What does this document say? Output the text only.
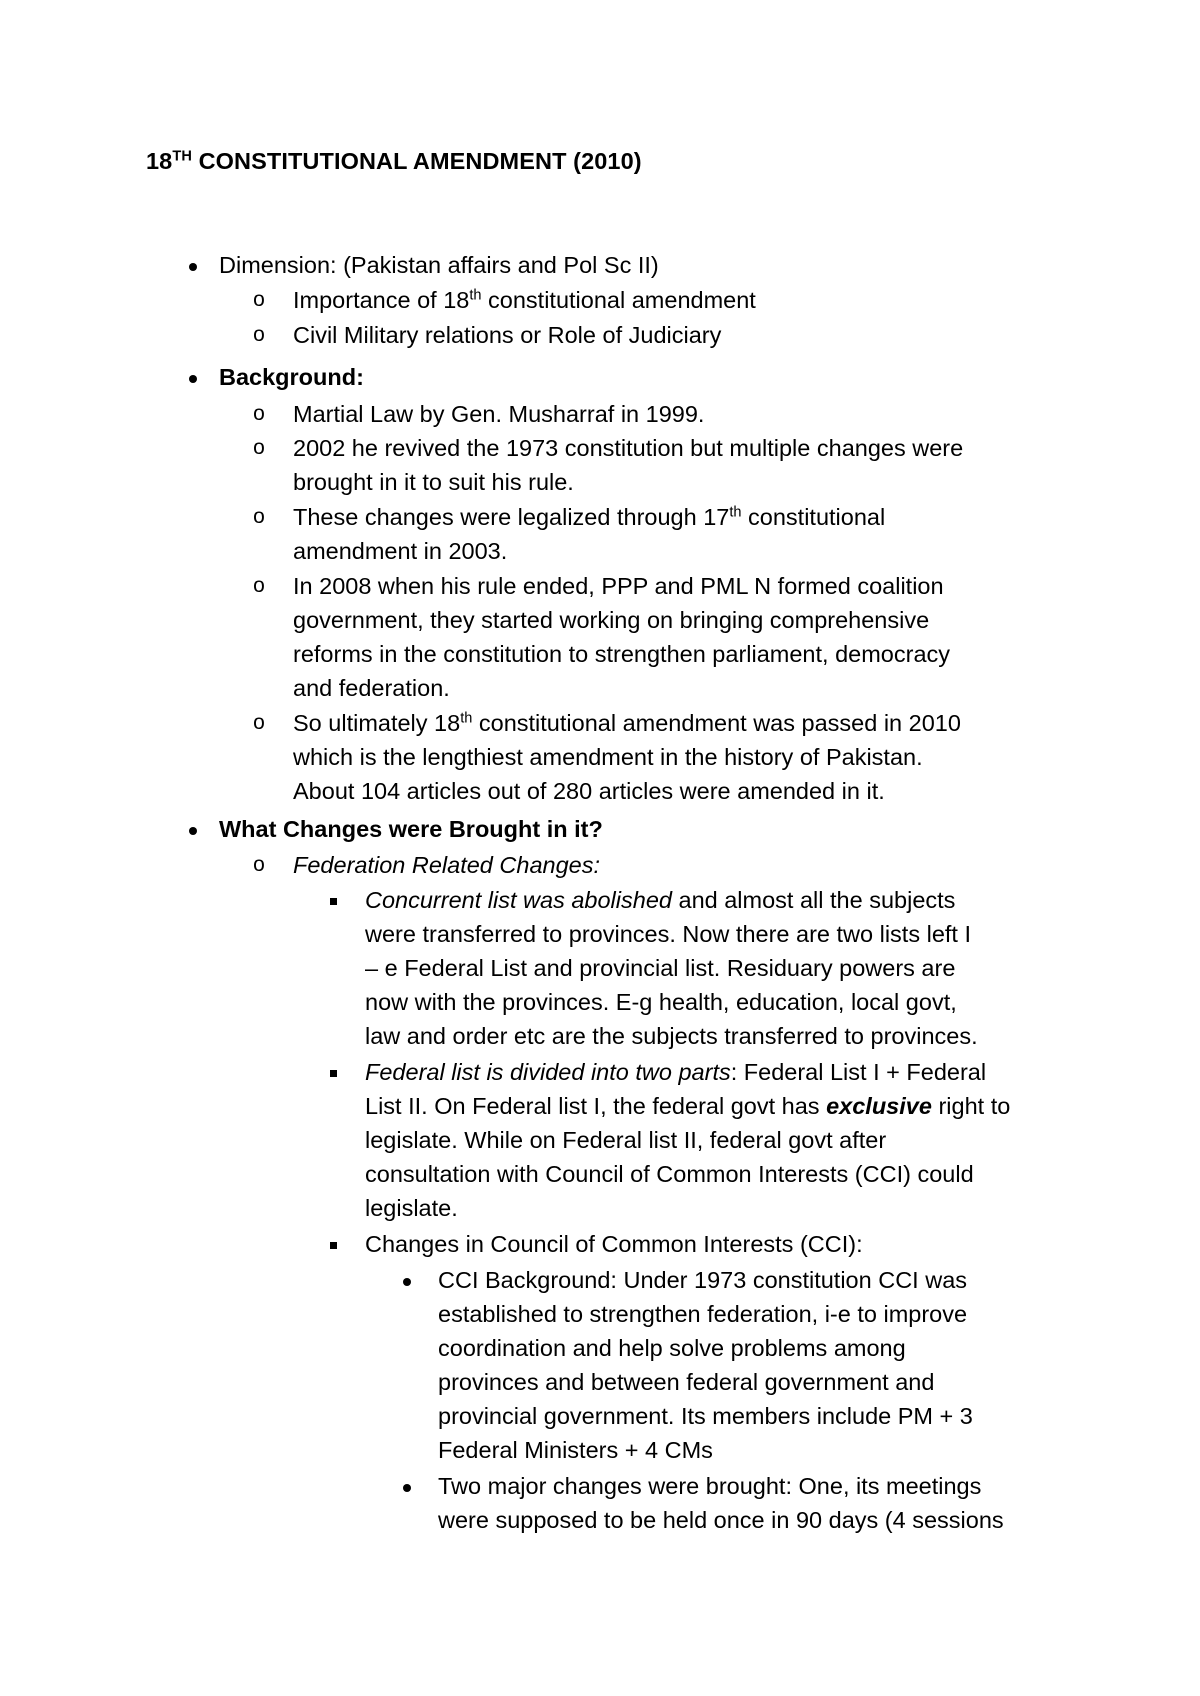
18TH CONSTITUTIONAL AMENDMENT (2010)
Dimension: (Pakistan affairs and Pol Sc II)
o Importance of 18th constitutional amendment
o Civil Military relations or Role of Judiciary
Background:
o Martial Law by Gen. Musharraf in 1999.
o 2002 he revived the 1973 constitution but multiple changes were
brought in it to suit his rule.
o These changes were legalized through 17th constitutional
amendment in 2003.
o In 2008 when his rule ended, PPP and PML N formed coalition
government, they started working on bringing comprehensive
reforms in the constitution to strengthen parliament, democracy
and federation.
o So ultimately 18th constitutional amendment was passed in 2010
which is the lengthiest amendment in the history of Pakistan.
About 104 articles out of 280 articles were amended in it.
What Changes were Brought in it?
o Federation Related Changes:
Concurrent list was abolished and almost all the subjects
were transferred to provinces. Now there are two lists left I
– e Federal List and provincial list. Residuary powers are
now with the provinces. E-g health, education, local govt,
law and order etc are the subjects transferred to provinces.
Federal list is divided into two parts: Federal List I + Federal
List II. On Federal list I, the federal govt has exclusive right to
legislate. While on Federal list II, federal govt after
consultation with Council of Common Interests (CCI) could
legislate.
Changes in Council of Common Interests (CCI):
CCI Background: Under 1973 constitution CCI was
established to strengthen federation, i-e to improve
coordination and help solve problems among
provinces and between federal government and
provincial government. Its members include PM + 3
Federal Ministers + 4 CMs
Two major changes were brought: One, its meetings
were supposed to be held once in 90 days (4 sessions
